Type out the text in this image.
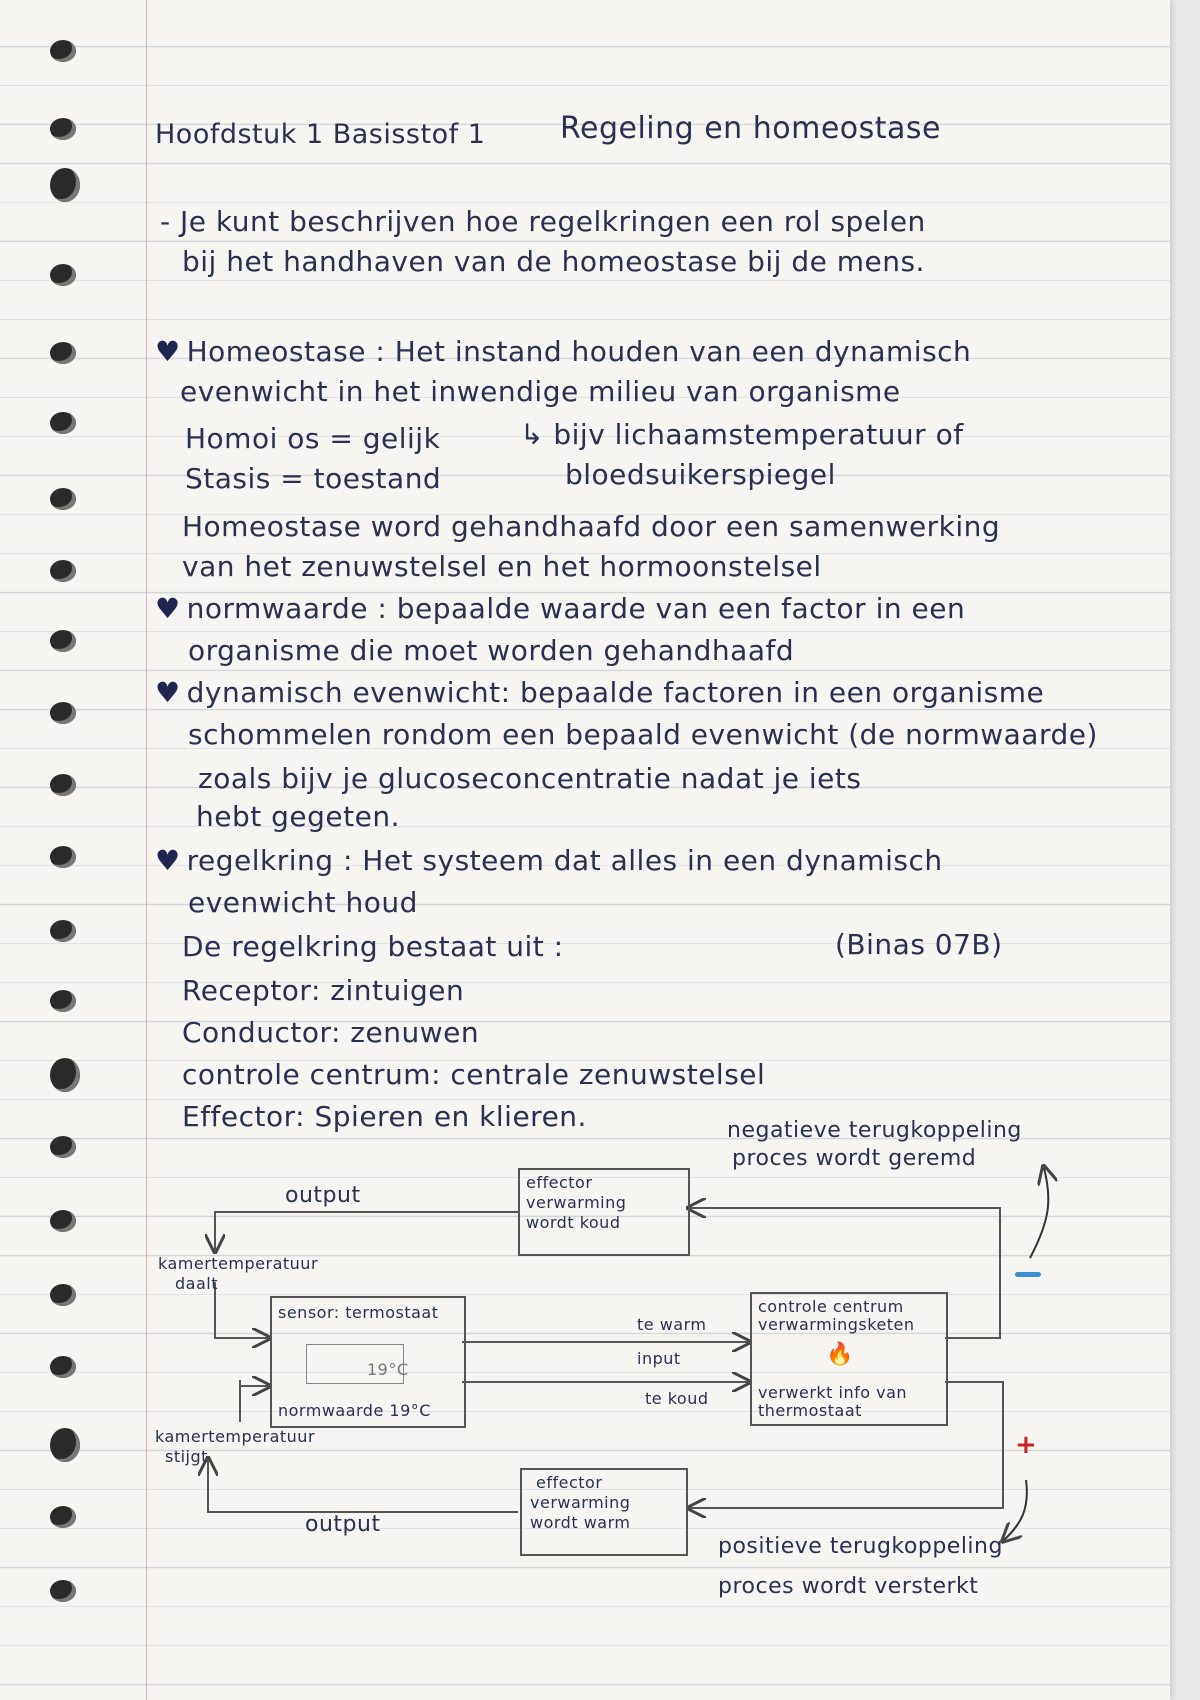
Hoofdstuk 1 Basisstof 1 Regeling en homeostase
- Je kunt beschrijven hoe regelkringen een rol spelen
bij het handhaven van de homeostase bij de mens.
♥ Homeostase : Het instand houden van een dynamisch
evenwicht in het inwendige milieu van organisme
Homoi os = gelijk	↳ bijv lichaamstemperatuur of
Stasis = toestand	bloedsuikerspiegel
Homeostase word gehandhaafd door een samenwerking
van het zenuwstelsel en het hormoonstelsel
♥ normwaarde : bepaalde waarde van een factor in een
organisme die moet worden gehandhaafd
♥ dynamisch evenwicht: bepaalde factoren in een organisme
schommelen rondom een bepaald evenwicht (de normwaarde)
zoals bijv je glucoseconcentratie nadat je iets
hebt gegeten.
♥ regelkring : Het systeem dat alles in een dynamisch
evenwicht houd
De regelkring bestaat uit :	(Binas 07B)
Receptor: zintuigen
Conductor: zenuwen
controle centrum: centrale zenuwstelsel
Effector: Spieren en klieren.	negatieve terugkoppeling
proces wordt geremd
output
effector
verwarming
wordt koud
kamertemperatuur
daalt
sensor: termostaat
19°C
normwaarde 19°C
te warm
input
te koud
controle centrum
verwarmingsketen
🔥
verwerkt info van
thermostaat
+
kamertemperatuur
stijgt
output
effector
verwarming
wordt warm
positieve terugkoppeling
proces wordt versterkt
